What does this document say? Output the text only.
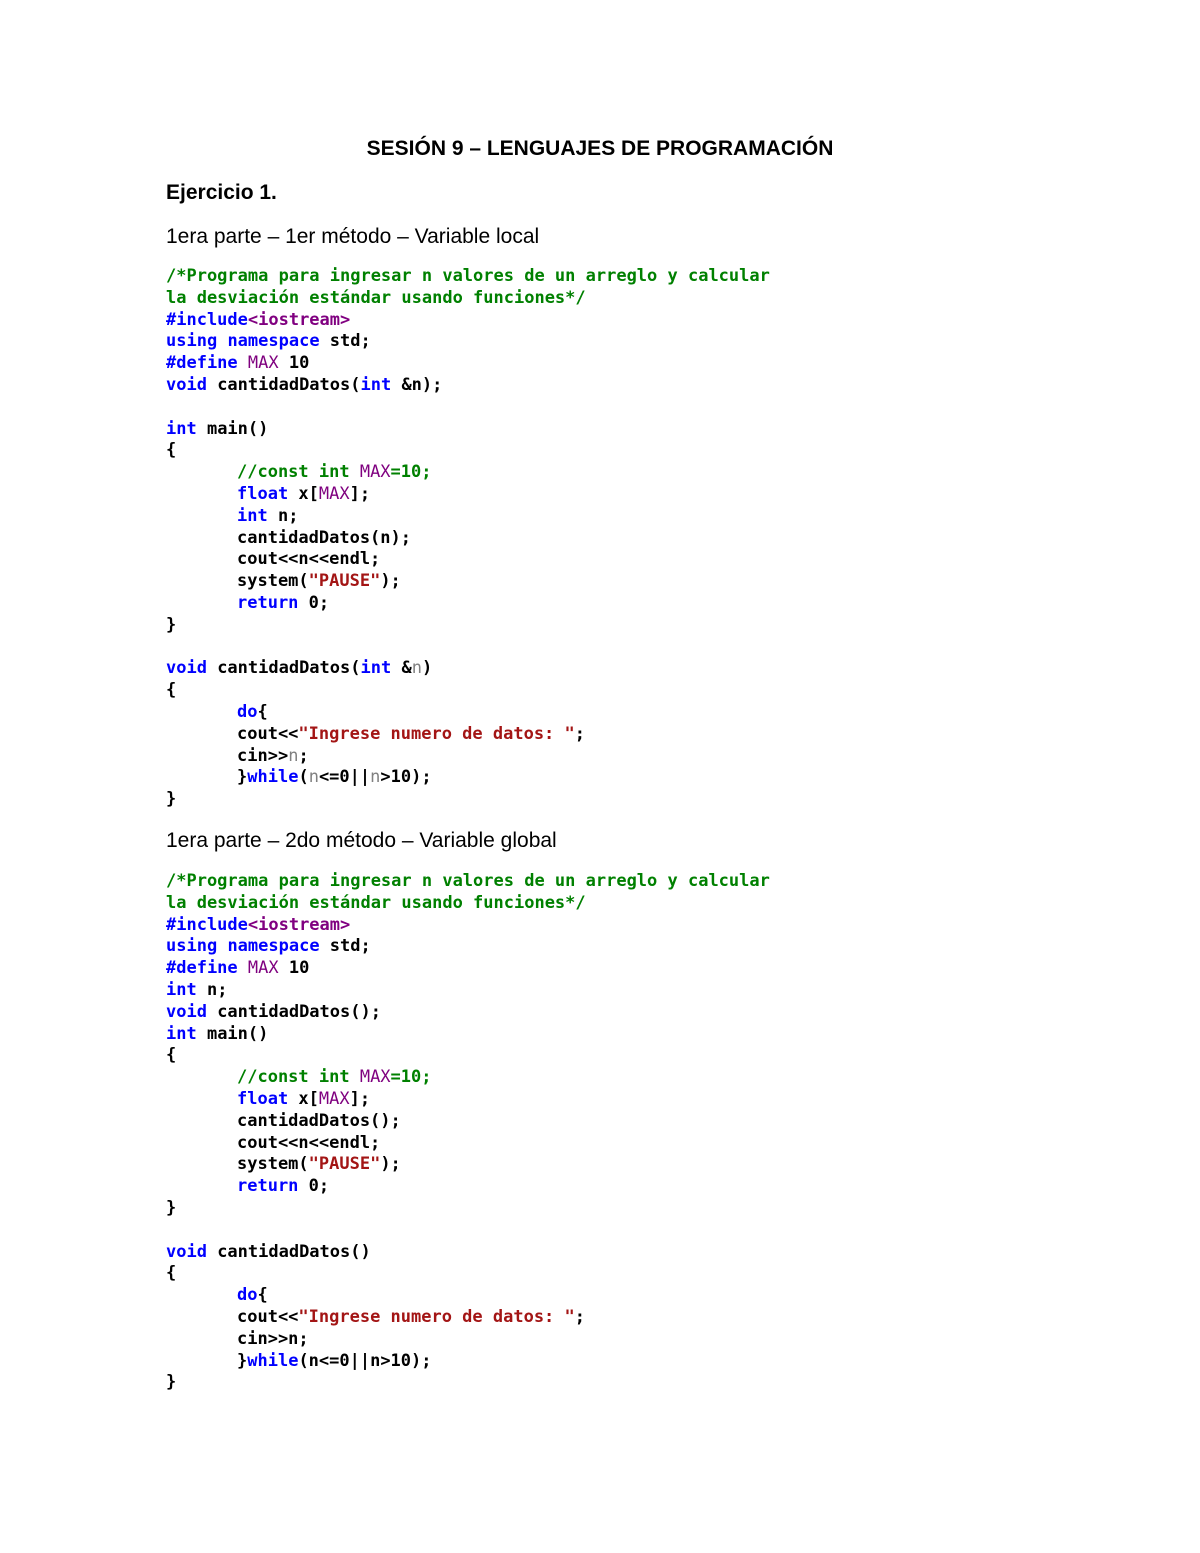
SESIÓN 9 – LENGUAJES DE PROGRAMACIÓN
Ejercicio 1.
1era parte – 1er método – Variable local
/*Programa para ingresar n valores de un arreglo y calcular
la desviación estándar usando funciones*/
#include<iostream>
using namespace std;
#define MAX 10
void cantidadDatos(int &n);
int main()
{
//const int MAX=10;
float x[MAX];
int n;
cantidadDatos(n);
cout<<n<<endl;
system("PAUSE");
return 0;
}
void cantidadDatos(int &n)
{
do{
cout<<"Ingrese numero de datos: ";
cin>>n;
}while(n<=0||n>10);
}
1era parte – 2do método – Variable global
/*Programa para ingresar n valores de un arreglo y calcular
la desviación estándar usando funciones*/
#include<iostream>
using namespace std;
#define MAX 10
int n;
void cantidadDatos();
int main()
{
//const int MAX=10;
float x[MAX];
cantidadDatos();
cout<<n<<endl;
system("PAUSE");
return 0;
}
void cantidadDatos()
{
do{
cout<<"Ingrese numero de datos: ";
cin>>n;
}while(n<=0||n>10);
}
